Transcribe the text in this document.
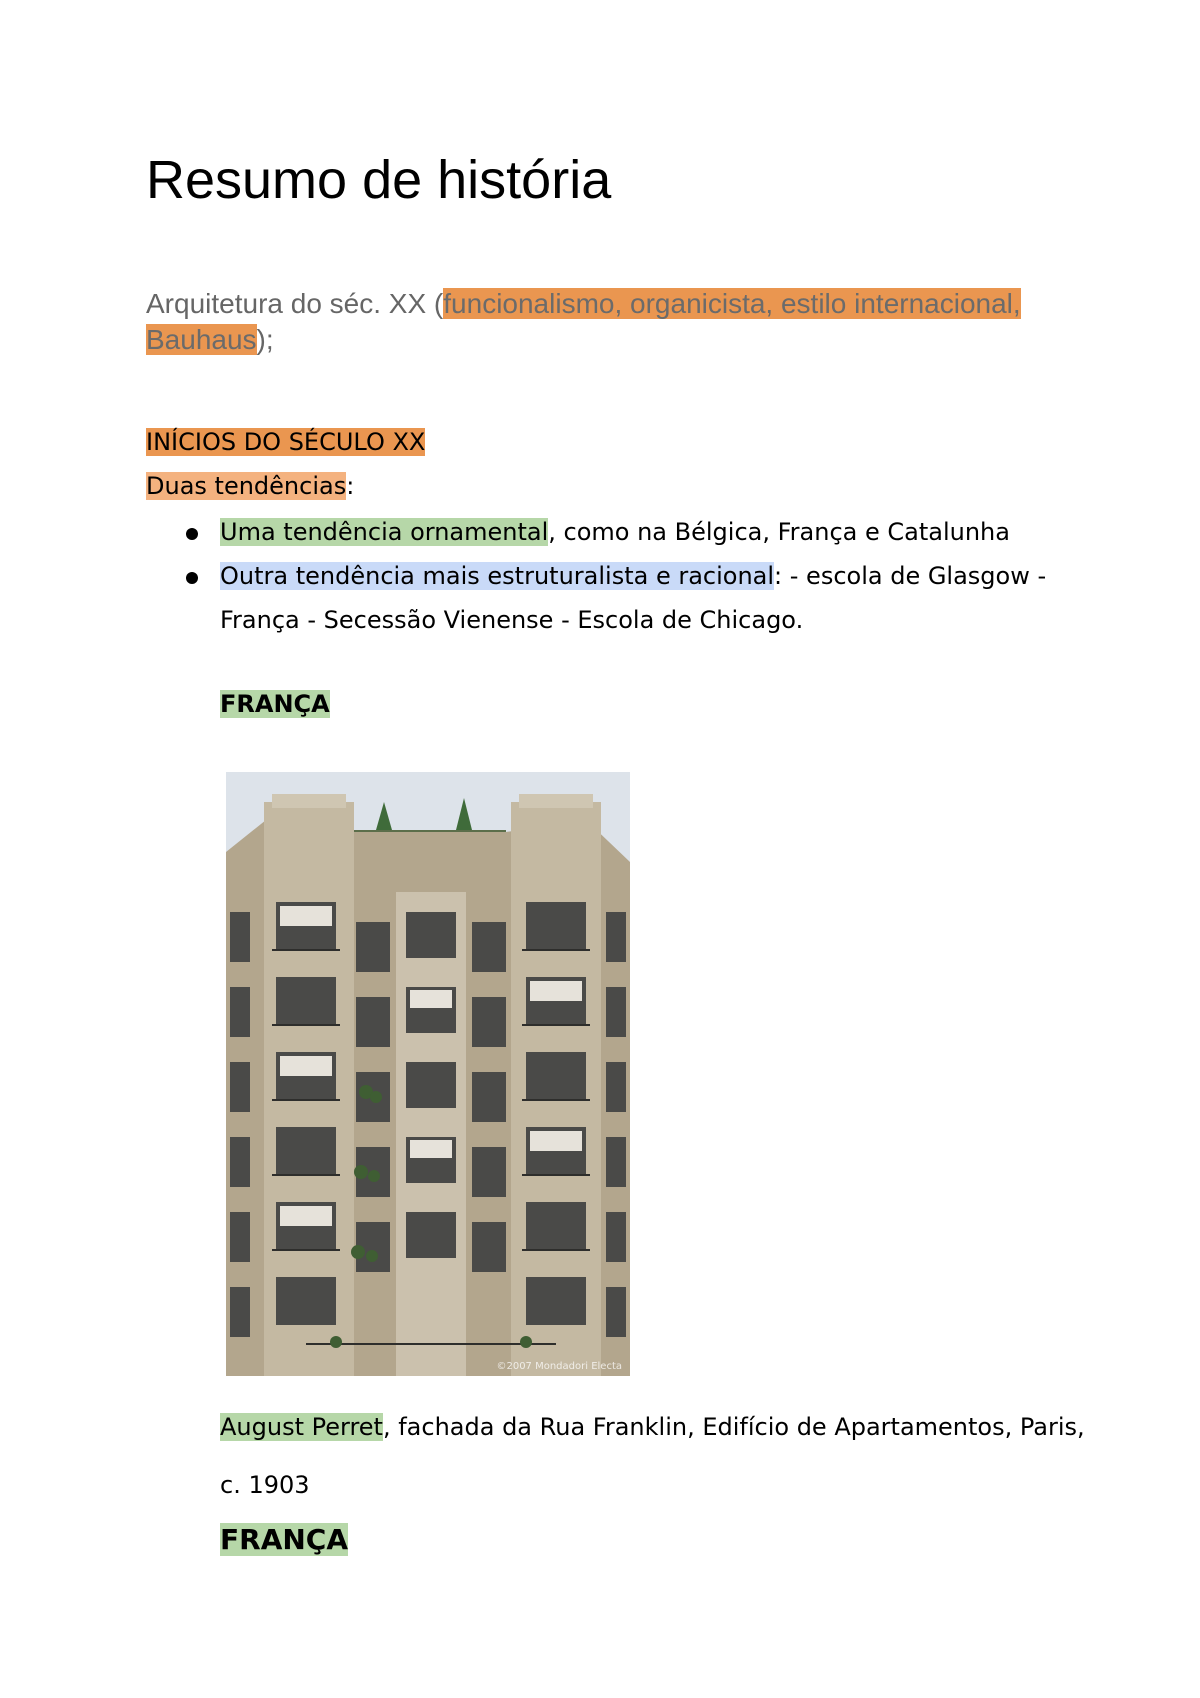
Resumo de história
Arquitetura do séc. XX (funcionalismo, organicista, estilo internacional, Bauhaus);
INÍCIOS DO SÉCULO XX
Duas tendências:
Uma tendência ornamental, como na Bélgica, França e Catalunha
Outra tendência mais estruturalista e racional: - escola de Glasgow - França - Secessão Vienense - Escola de Chicago.
FRANÇA
©2007 Mondadori Electa
August Perret, fachada da Rua Franklin, Edifício de Apartamentos, Paris, c. 1903
FRANÇA
